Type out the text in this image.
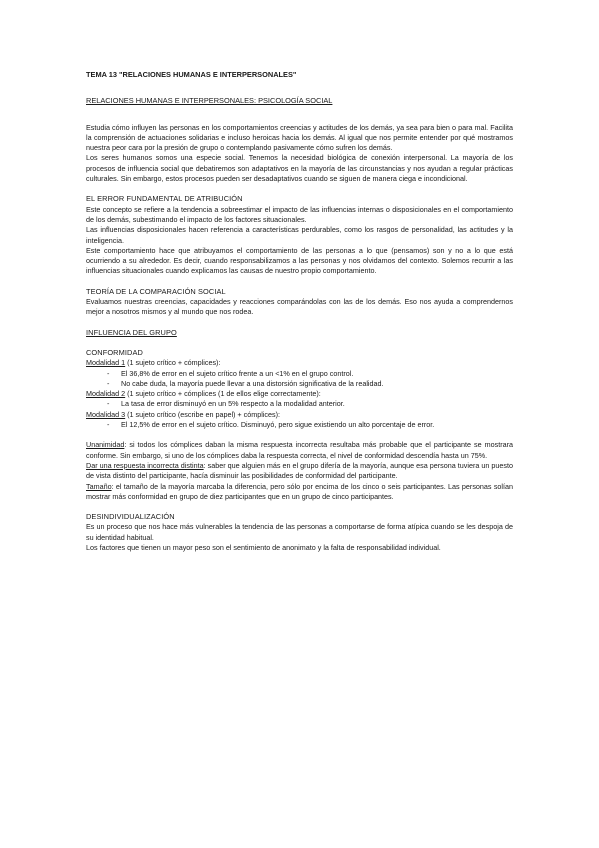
TEMA 13 "RELACIONES HUMANAS E INTERPERSONALES"

RELACIONES HUMANAS E INTERPERSONALES: PSICOLOGÍA SOCIAL

Estudia cómo influyen las personas en los comportamientos creencias y actitudes de los demás, ya sea para bien o para mal. Facilita la comprensión de actuaciones solidarias e incluso heroicas hacia los demás. Al igual que nos permite entender por qué mostramos nuestra peor cara por la presión de grupo o contemplando pasivamente cómo sufren los demás.

Los seres humanos somos una especie social. Tenemos la necesidad biológica de conexión interpersonal. La mayoría de los procesos de influencia social que debatiremos son adaptativos en la mayoría de las circunstancias y nos ayudan a regular prácticas culturales. Sin embargo, estos procesos pueden ser desadaptativos cuando se siguen de manera ciega e incondicional.

EL ERROR FUNDAMENTAL DE ATRIBUCIÓN

Este concepto se refiere a la tendencia a sobreestimar el impacto de las influencias internas o disposicionales en el comportamiento de los demás, subestimando el impacto de los factores situacionales.

Las influencias disposicionales hacen referencia a características perdurables, como los rasgos de personalidad, las actitudes y la inteligencia.

Este comportamiento hace que atribuyamos el comportamiento de las personas a lo que (pensamos) son y no a lo que está ocurriendo a su alrededor. Es decir, cuando responsabilizamos a las personas y nos olvidamos del contexto. Solemos recurrir a las influencias situacionales cuando explicamos las causas de nuestro propio comportamiento.

TEORÍA DE LA COMPARACIÓN SOCIAL

Evaluamos nuestras creencias, capacidades y reacciones comparándolas con las de los demás. Eso nos ayuda a comprendernos mejor a nosotros mismos y al mundo que nos rodea.

INFLUENCIA DEL GRUPO

CONFORMIDAD

Modalidad 1 (1 sujeto crítico + cómplices):

- El 36,8% de error en el sujeto crítico frente a un <1% en el grupo control.

- No cabe duda, la mayoría puede llevar a una distorsión significativa de la realidad.

Modalidad 2 (1 sujeto crítico + cómplices (1 de ellos elige correctamente):

- La tasa de error disminuyó en un 5% respecto a la modalidad anterior.

Modalidad 3 (1 sujeto crítico (escribe en papel) + cómplices):

- El 12,5% de error en el sujeto crítico. Disminuyó, pero sigue existiendo un alto porcentaje de error.

Unanimidad: si todos los cómplices daban la misma respuesta incorrecta resultaba más probable que el participante se mostrara conforme. Sin embargo, si uno de los cómplices daba la respuesta correcta, el nivel de conformidad descendía hasta un 75%.

Dar una respuesta incorrecta distinta: saber que alguien más en el grupo difería de la mayoría, aunque esa persona tuviera un puesto de vista distinto del participante, hacía disminuir las posibilidades de conformidad del participante.

Tamaño: el tamaño de la mayoría marcaba la diferencia, pero sólo por encima de los cinco o seis participantes. Las personas solían mostrar más conformidad en grupo de diez participantes que en un grupo de cinco participantes.

DESINDIVIDUALIZACIÓN

Es un proceso que nos hace más vulnerables la tendencia de las personas a comportarse de forma atípica cuando se les despoja de su identidad habitual.

Los factores que tienen un mayor peso son el sentimiento de anonimato y la falta de responsabilidad individual.
